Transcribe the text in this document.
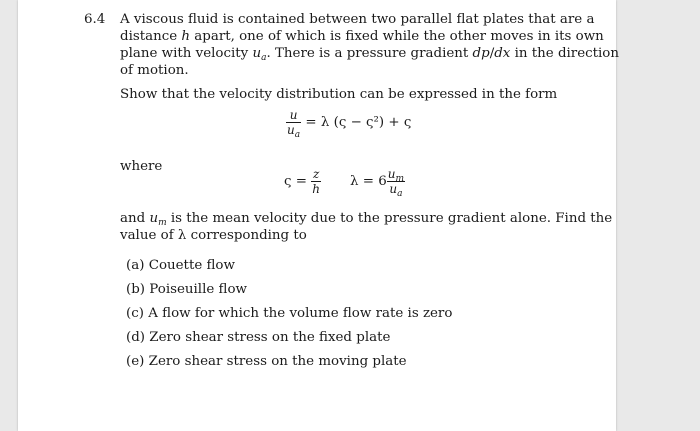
6.4 A viscous fluid is contained between two parallel flat plates that are a
distance h apart, one of which is fixed while the other moves in its own
plane with velocity $u_a$. There is a pressure gradient dp/dx in the direction
of motion.
Show that the velocity distribution can be expressed in the form
$\frac{u}{u_a} = \lambda$ (ς − ς²) + ς
where
$\varsigma = \frac{z}{h}$ $\lambda = 6 \frac{u_m}{u_a}$
and $u_m$ is the mean velocity due to the pressure gradient alone. Find the
value of λ corresponding to
(a) Couette flow
(b) Poiseuille flow
(c) A flow for which the volume flow rate is zero
(d) Zero shear stress on the fixed plate
(e) Zero shear stress on the moving plate
